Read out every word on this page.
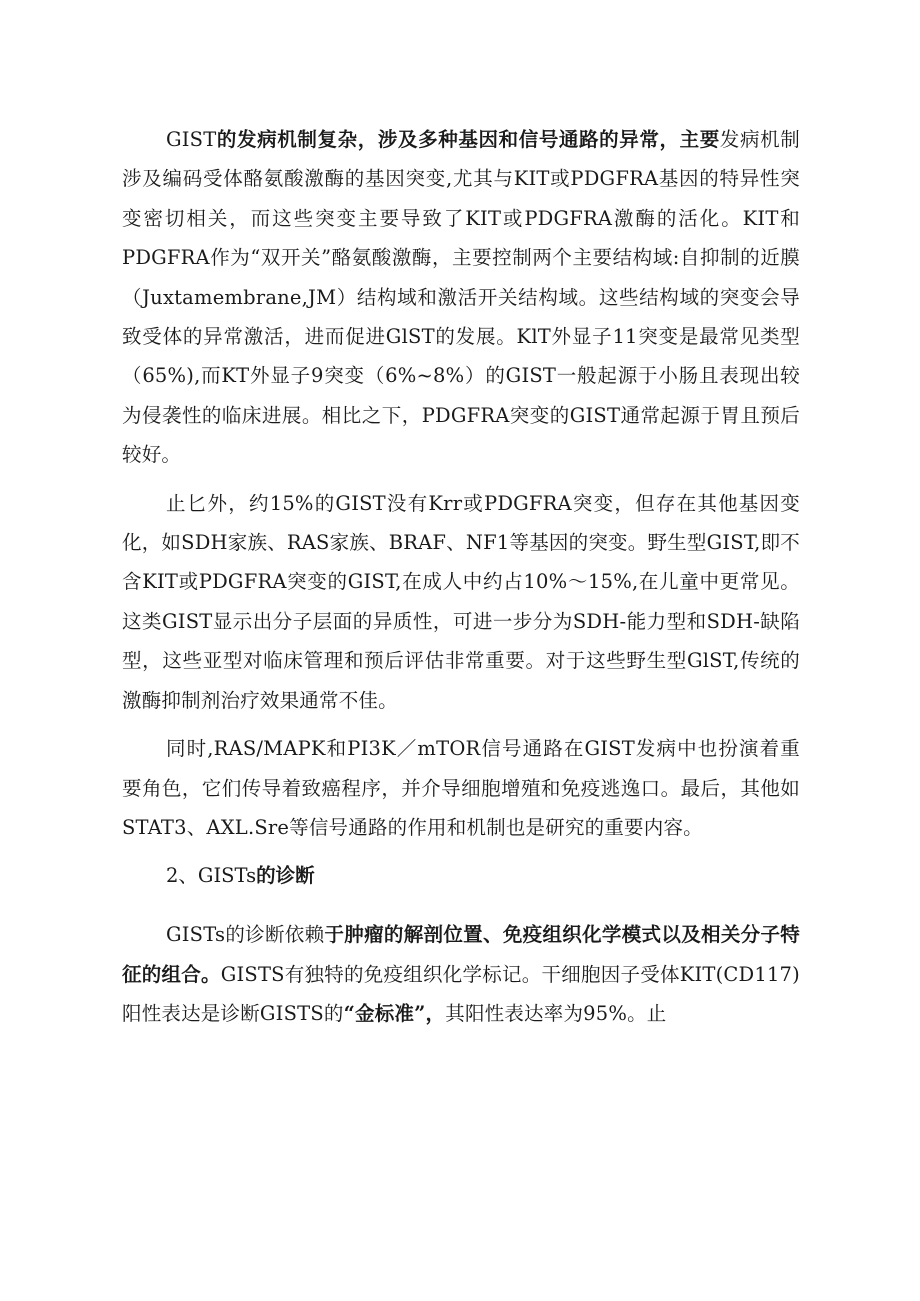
GIST的发病机制复杂，涉及多种基因和信号通路的异常，主要发病机制涉及编码受体酪氨酸激酶的基因突变,尤其与KIT或PDGFRA基因的特异性突变密切相关，而这些突变主要导致了KIT或PDGFRA激酶的活化。KIT和PDGFRA作为“双开关”酪氨酸激酶，主要控制两个主要结构域:自抑制的近膜（Juxtamembrane,JM）结构域和激活开关结构域。这些结构域的突变会导致受体的异常激活，进而促进GlST的发展。KlT外显子11突变是最常见类型（65%),而KT外显子9突变（6%~8%）的GIST一般起源于小肠且表现出较为侵袭性的临床进展。相比之下，PDGFRA突变的GIST通常起源于胃且预后较好。

止匕外，约15%的GIST没有Krr或PDGFRA突变，但存在其他基因变化，如SDH家族、RAS家族、BRAF、NF1等基因的突变。野生型GIST,即不含KIT或PDGFRA突变的GIST,在成人中约占10%～15%,在儿童中更常见。这类GIST显示出分子层面的异质性，可进一步分为SDH-能力型和SDH-缺陷型，这些亚型对临床管理和预后评估非常重要。对于这些野生型GlST,传统的激酶抑制剂治疗效果通常不佳。

同时,RAS/MAPK和PI3K／mTOR信号通路在GIST发病中也扮演着重要角色，它们传导着致癌程序，并介导细胞增殖和免疫逃逸口。最后，其他如STAT3、AXL.Sre等信号通路的作用和机制也是研究的重要内容。

2、GISTs的诊断

GISTs的诊断依赖于肿瘤的解剖位置、免疫组织化学模式以及相关分子特征的组合。GISTS有独特的免疫组织化学标记。干细胞因子受体KIT(CD117)阳性表达是诊断GISTS的“金标准”，其阳性表达率为95%。止
